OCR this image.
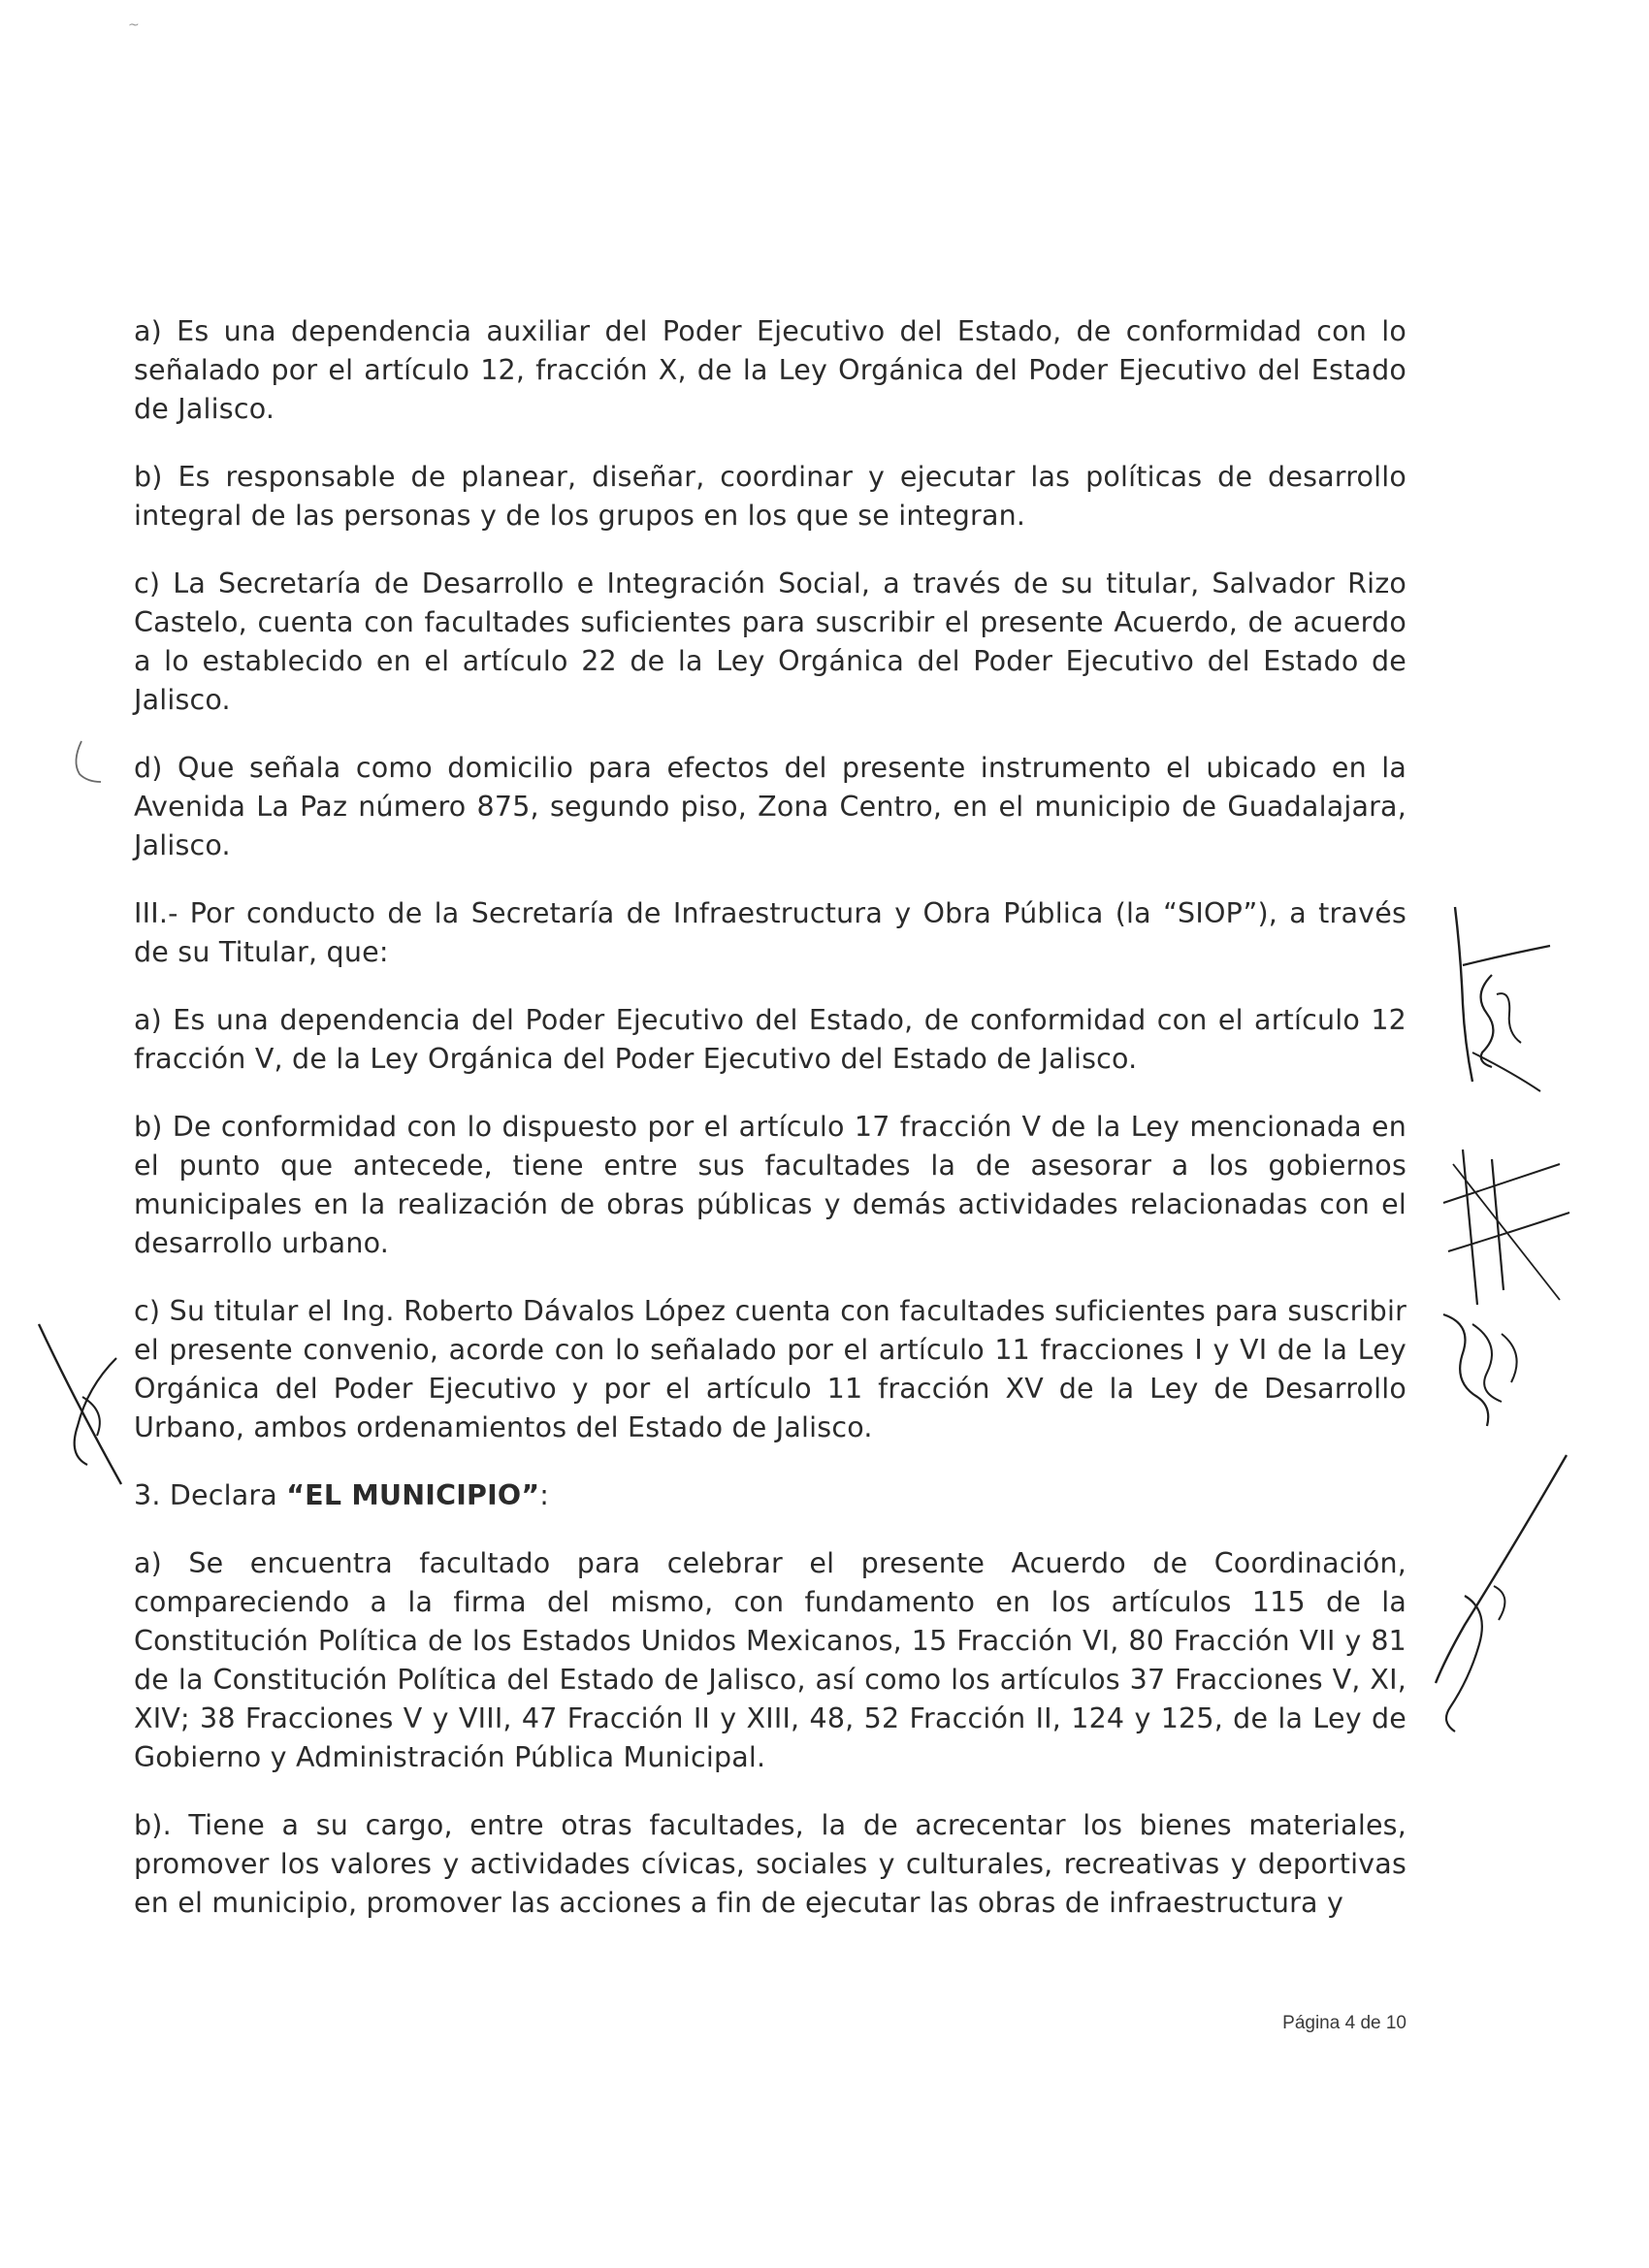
~

a) Es una dependencia auxiliar del Poder Ejecutivo del Estado, de conformidad con lo señalado por el artículo 12, fracción X, de la Ley Orgánica del Poder Ejecutivo del Estado de Jalisco.

b) Es responsable de planear, diseñar, coordinar y ejecutar las políticas de desarrollo integral de las personas y de los grupos en los que se integran.

c) La Secretaría de Desarrollo e Integración Social, a través de su titular, Salvador Rizo Castelo, cuenta con facultades suficientes para suscribir el presente Acuerdo, de acuerdo a lo establecido en el artículo 22 de la Ley Orgánica del Poder Ejecutivo del Estado de Jalisco.

d) Que señala como domicilio para efectos del presente instrumento el ubicado en la Avenida La Paz número 875, segundo piso, Zona Centro, en el municipio de Guadalajara, Jalisco.

III.- Por conducto de la Secretaría de Infraestructura y Obra Pública (la “SIOP”), a través de su Titular, que:

a) Es una dependencia del Poder Ejecutivo del Estado, de conformidad con el artículo 12 fracción V, de la Ley Orgánica del Poder Ejecutivo del Estado de Jalisco.

b) De conformidad con lo dispuesto por el artículo 17 fracción V de la Ley mencionada en el punto que antecede, tiene entre sus facultades la de asesorar a los gobiernos municipales en la realización de obras públicas y demás actividades relacionadas con el desarrollo urbano.

c) Su titular el Ing. Roberto Dávalos López cuenta con facultades suficientes para suscribir el presente convenio, acorde con lo señalado por el artículo 11 fracciones I y VI de la Ley Orgánica del Poder Ejecutivo y por el artículo 11 fracción XV de la Ley de Desarrollo Urbano, ambos ordenamientos del Estado de Jalisco.

3. Declara “EL MUNICIPIO”:

a) Se encuentra facultado para celebrar el presente Acuerdo de Coordinación, compareciendo a la firma del mismo, con fundamento en los artículos 115 de la Constitución Política de los Estados Unidos Mexicanos, 15 Fracción VI, 80 Fracción VII y 81 de la Constitución Política del Estado de Jalisco, así como los artículos 37 Fracciones V, XI, XIV; 38 Fracciones V y VIII, 47 Fracción II y XIII, 48, 52 Fracción II, 124 y 125, de la Ley de Gobierno y Administración Pública Municipal.

b). Tiene a su cargo, entre otras facultades, la de acrecentar los bienes materiales, promover los valores y actividades cívicas, sociales y culturales, recreativas y deportivas en el municipio, promover las acciones a fin de ejecutar las obras de infraestructura y

Página 4 de 10
